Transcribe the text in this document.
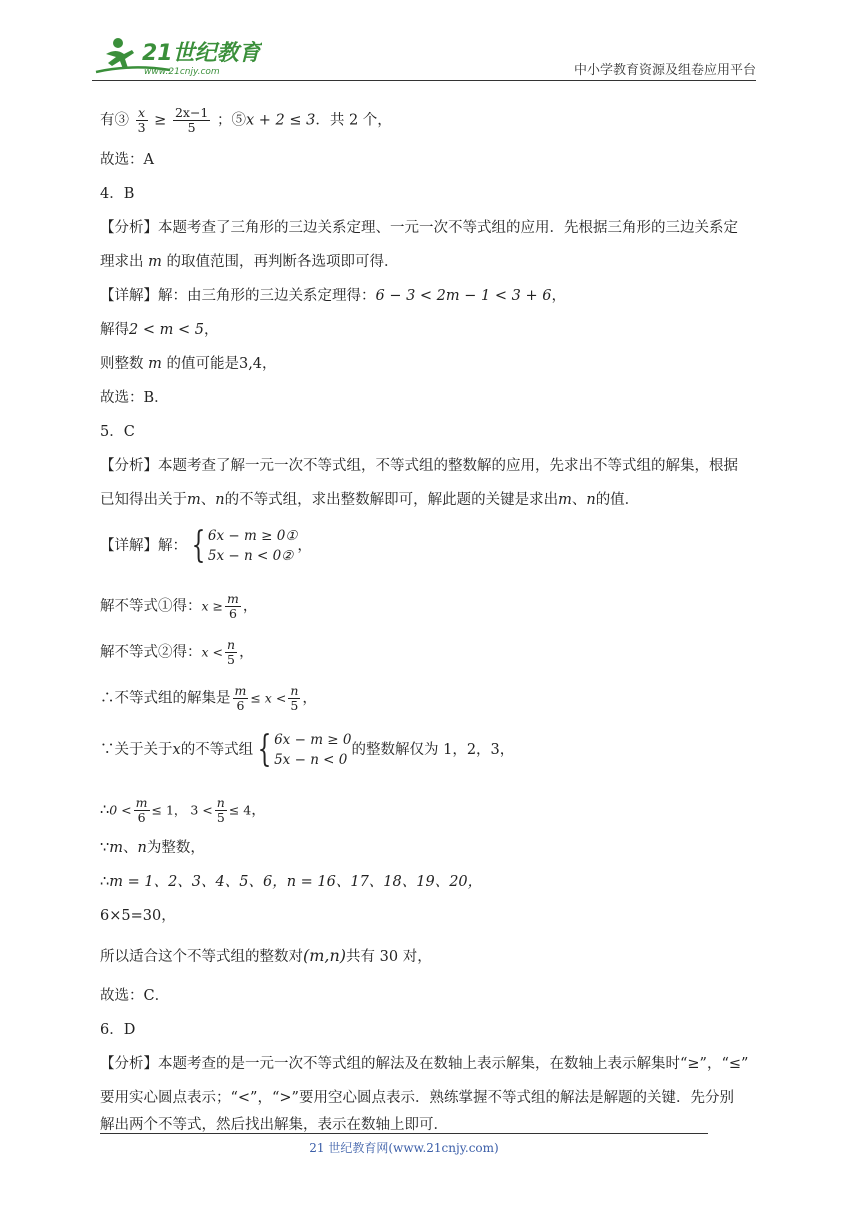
21世纪教育
www.21cnjy.com	中小学教育资源及组卷应用平台
有③ $\frac{x}{3} \ge \frac{2x-1}{5}$ ；⑤x + 2 ≤ 3．共 2 个，
故选：A
4．B
【分析】本题考查了三角形的三边关系定理、一元一次不等式组的应用．先根据三角形的三边关系定
理求出 m 的取值范围，再判断各选项即可得．
【详解】解：由三角形的三边关系定理得：6 − 3 < 2m − 1 < 3 + 6，
解得2 < m < 5，
则整数 m 的值可能是3,4，
故选：B．
5．C
【分析】本题考查了解一元一次不等式组，不等式组的整数解的应用，先求出不等式组的解集，根据
已知得出关于m、n的不等式组，求出整数解即可，解此题的关键是求出m、n的值．
【详解】解： { 6x − m ≥ 0①
5x − n < 0②
，
解不等式①得：$x \ge \frac{m}{6}$ ，
解不等式②得：$x < \frac{n}{5}$ ，
∴不等式组的解集是 $\frac{m}{6} \le x < \frac{n}{5}$ ，
∵关于关于x的不等式组 { 6x − m ≥ 0
5x − n < 0
的整数解仅为 1，2，3，
∴0 < $\frac{m}{6} \le 1$， $3 < \frac{n}{5} \le 4$，
∵m、n为整数，
∴m = 1、2、3、4、5、6，n = 16、17、18、19、20，
6×5=30，
所以适合这个不等式组的整数对(m,n)共有 30 对，
故选：C．
6．D
【分析】本题考查的是一元一次不等式组的解法及在数轴上表示解集，在数轴上表示解集时“≥”，“≤”
要用实心圆点表示；“<”，“>”要用空心圆点表示．熟练掌握不等式组的解法是解题的关键．先分别
解出两个不等式，然后找出解集，表示在数轴上即可．
21 世纪教育网(www.21cnjy.com)
